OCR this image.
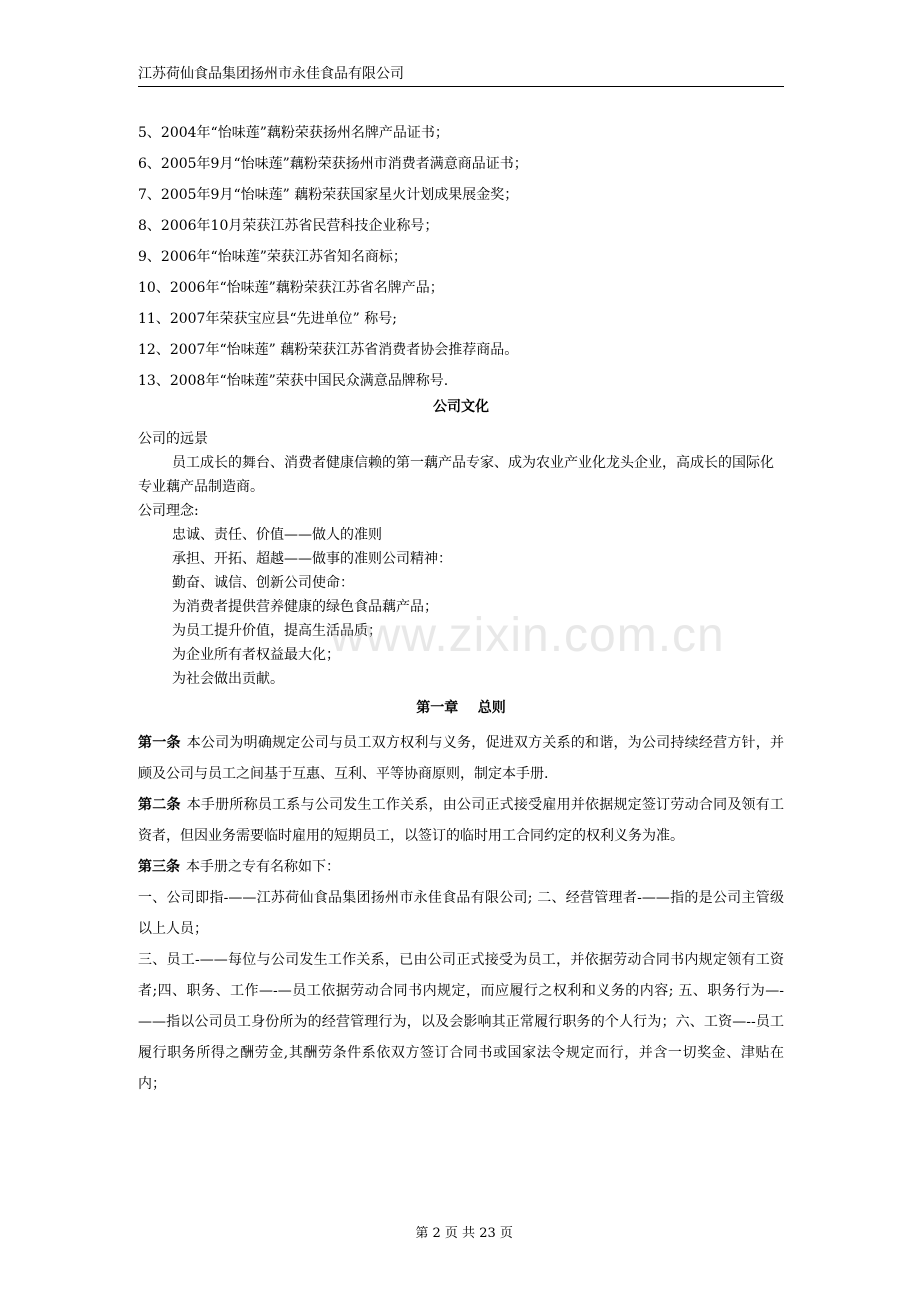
江苏荷仙食品集团扬州市永佳食品有限公司
5、2004年“怡味莲”藕粉荣获扬州名牌产品证书；
6、2005年9月“怡味莲”藕粉荣获扬州市消费者满意商品证书；
7、2005年9月“怡味莲” 藕粉荣获国家星火计划成果展金奖；
8、2006年10月荣获江苏省民营科技企业称号；
9、2006年“怡味莲”荣获江苏省知名商标；
10、2006年“怡味莲”藕粉荣获江苏省名牌产品；
11、2007年荣获宝应县“先进单位” 称号;
12、2007年“怡味莲” 藕粉荣获江苏省消费者协会推荐商品。
13、2008年“怡味莲”荣获中国民众满意品牌称号.
公司文化
公司的远景

员工成长的舞台、消费者健康信赖的第一藕产品专家、成为农业产业化龙头企业，高成长的国际化专业藕产品制造商。

公司理念:
忠诚、责任、价值——做人的准则
承担、开拓、超越——做事的准则公司精神：
勤奋、诚信、创新公司使命：
为消费者提供营养健康的绿色食品藕产品；
为员工提升价值，提高生活品质；
为企业所有者权益最大化；
为社会做出贡献。
www.zixin.com.cn
第一章    总则

第一条 本公司为明确规定公司与员工双方权利与义务，促进双方关系的和谐，为公司持续经营方针，并顾及公司与员工之间基于互惠、互利、平等协商原则，制定本手册.

第二条 本手册所称员工系与公司发生工作关系，由公司正式接受雇用并依据规定签订劳动合同及领有工资者，但因业务需要临时雇用的短期员工，以签订的临时用工合同约定的权利义务为准。

第三条 本手册之专有名称如下：

一、公司即指-——江苏荷仙食品集团扬州市永佳食品有限公司; 二、经营管理者-——指的是公司主管级以上人员；

三、员工-——每位与公司发生工作关系，已由公司正式接受为员工，并依据劳动合同书内规定领有工资者;四、职务、工作—-—员工依据劳动合同书内规定，而应履行之权利和义务的内容; 五、职务行为—-——指以公司员工身份所为的经营管理行为，以及会影响其正常履行职务的个人行为；六、工资—--员工履行职务所得之酬劳金,其酬劳条件系依双方签订合同书或国家法令规定而行，并含一切奖金、津贴在内；

第 2 页 共 23 页
